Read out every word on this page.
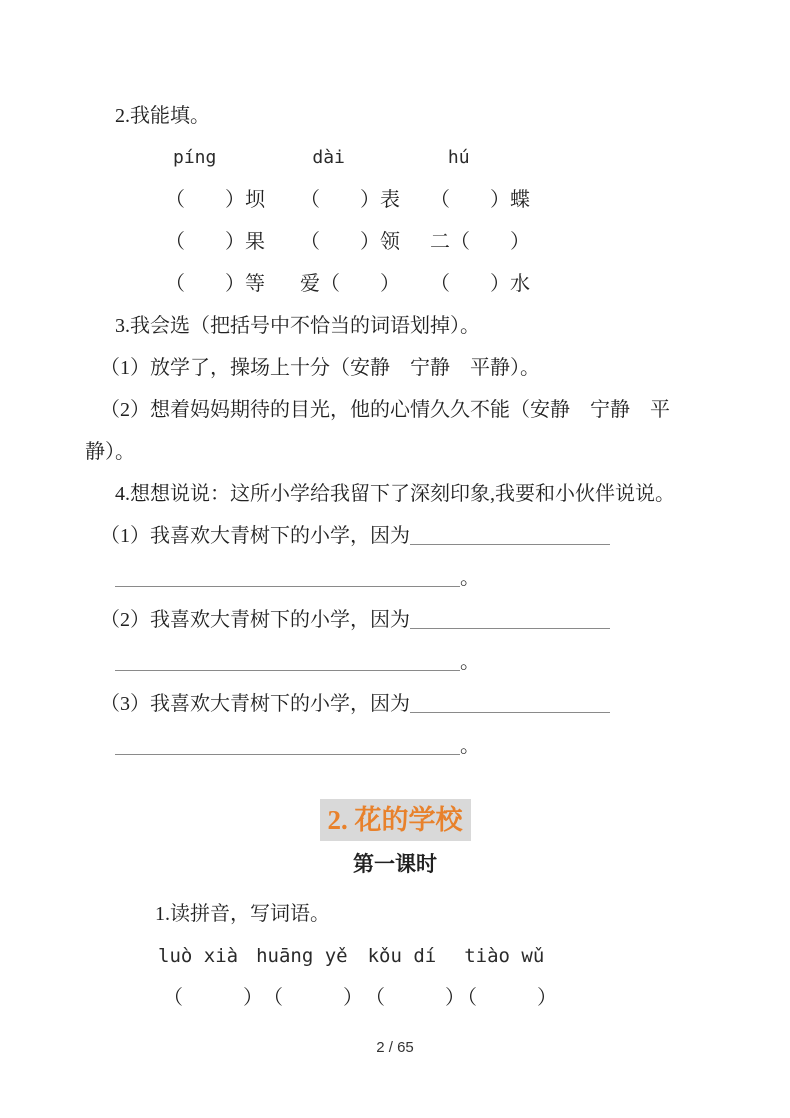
2.我能填。
píng	dài	hú
（　　）坝	（　　）表	（　　）蝶
（　　）果	（　　）领	二（　　）
（　　）等	爱（　　）	（　　）水
3.我会选（把括号中不恰当的词语划掉）。
（1）放学了，操场上十分（安静　宁静　平静）。
（2）想着妈妈期待的目光，他的心情久久不能（安静　宁静　平
静）。
4.想想说说：这所小学给我留下了深刻印象,我要和小伙伴说说。
（1）我喜欢大青树下的小学，因为
。
（2）我喜欢大青树下的小学，因为
。
（3）我喜欢大青树下的小学，因为
。
2. 花的学校
第一课时
1.读拼音，写词语。
luò xià huāng yě kǒu dí tiào wǔ
（　　　） （　　　） （　　　） （　　　）
2 / 65
